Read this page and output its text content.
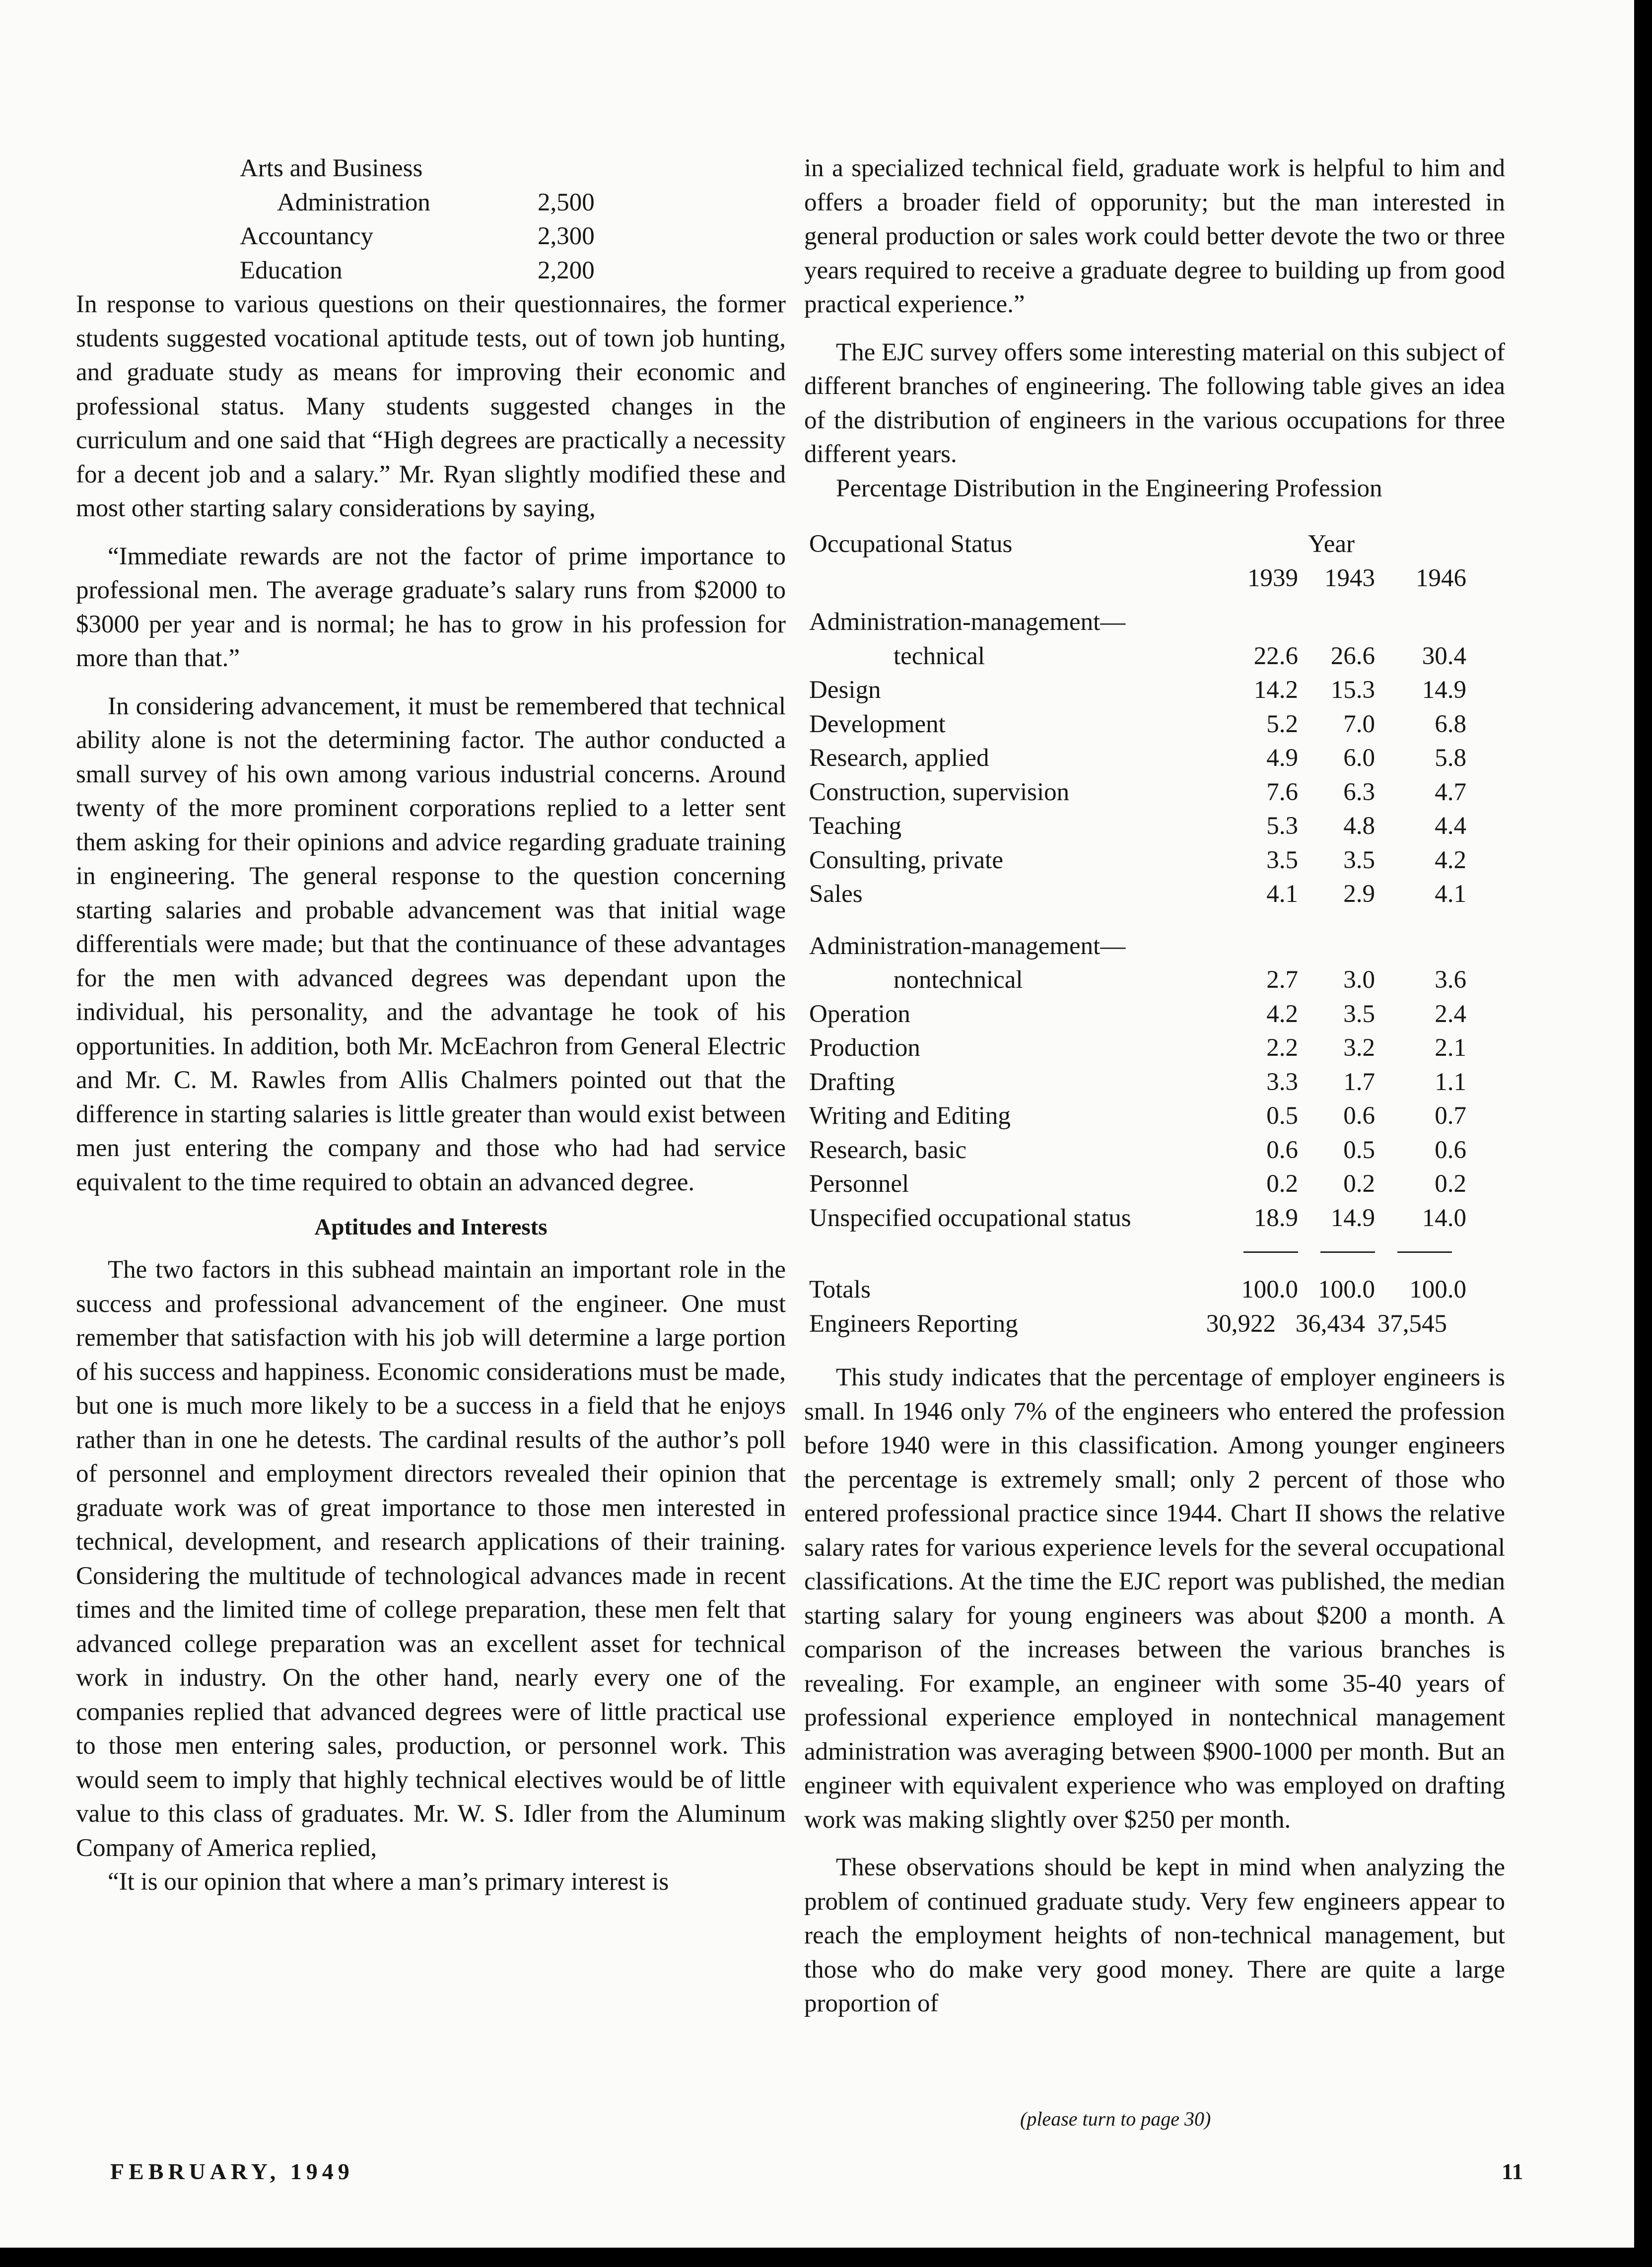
Arts and Business
Administration	2,500
Accountancy	2,300
Education	2,200

In response to various questions on their questionnaires, the former students suggested vocational aptitude tests, out of town job hunting, and graduate study as means for improving their economic and professional status. Many students suggested changes in the curriculum and one said that “High degrees are practically a necessity for a decent job and a salary.” Mr. Ryan slightly modified these and most other starting salary considerations by saying,

“Immediate rewards are not the factor of prime importance to professional men. The average graduate’s salary runs from $2000 to $3000 per year and is normal; he has to grow in his profession for more than that.”

In considering advancement, it must be remembered that technical ability alone is not the determining factor. The author conducted a small survey of his own among various industrial concerns. Around twenty of the more prominent corporations replied to a letter sent them asking for their opinions and advice regarding graduate training in engineering. The general response to the question concerning starting salaries and probable advancement was that initial wage differentials were made; but that the continuance of these advantages for the men with advanced degrees was dependant upon the individual, his personality, and the advantage he took of his opportunities. In addition, both Mr. McEachron from General Electric and Mr. C. M. Rawles from Allis Chalmers pointed out that the difference in starting salaries is little greater than would exist between men just entering the company and those who had had service equivalent to the time required to obtain an advanced degree.

Aptitudes and Interests

The two factors in this subhead maintain an important role in the success and professional advancement of the engineer. One must remember that satisfaction with his job will determine a large portion of his success and happiness. Economic considerations must be made, but one is much more likely to be a success in a field that he enjoys rather than in one he detests. The cardinal results of the author’s poll of personnel and employment directors revealed their opinion that graduate work was of great importance to those men interested in technical, development, and research applications of their training. Considering the multitude of technological advances made in recent times and the limited time of college preparation, these men felt that advanced college preparation was an excellent asset for technical work in industry. On the other hand, nearly every one of the companies replied that advanced degrees were of little practical use to those men entering sales, production, or personnel work. This would seem to imply that highly technical electives would be of little value to this class of graduates. Mr. W. S. Idler from the Aluminum Company of America replied,

“It is our opinion that where a man’s primary interest is

in a specialized technical field, graduate work is helpful to him and offers a broader field of opporunity; but the man interested in general production or sales work could better devote the two or three years required to receive a graduate degree to building up from good practical experience.”

The EJC survey offers some interesting material on this subject of different branches of engineering. The following table gives an idea of the distribution of engineers in the various occupations for three different years.

Percentage Distribution in the Engineering Profession

Occupational Status	Year
1939	1943	1946
Administration-management—
technical	22.6	26.6	30.4
Design	14.2	15.3	14.9
Development	5.2	7.0	6.8
Research, applied	4.9	6.0	5.8
Construction, supervision	7.6	6.3	4.7
Teaching	5.3	4.8	4.4
Consulting, private	3.5	3.5	4.2
Sales	4.1	2.9	4.1
Administration-management—
nontechnical	2.7	3.0	3.6
Operation	4.2	3.5	2.4
Production	2.2	3.2	2.1
Drafting	3.3	1.7	1.1
Writing and Editing	0.5	0.6	0.7
Research, basic	0.6	0.5	0.6
Personnel	0.2	0.2	0.2
Unspecified occupational status	18.9	14.9	14.0
Totals	100.0 100.0	100.0
Engineers Reporting	30,922 36,434 37,545

This study indicates that the percentage of employer engineers is small. In 1946 only 7% of the engineers who entered the profession before 1940 were in this classification. Among younger engineers the percentage is extremely small; only 2 percent of those who entered professional practice since 1944. Chart II shows the relative salary rates for various experience levels for the several occupational classifications. At the time the EJC report was published, the median starting salary for young engineers was about $200 a month. A comparison of the increases between the various branches is revealing. For example, an engineer with some 35-40 years of professional experience employed in nontechnical management administration was averaging between $900-1000 per month. But an engineer with equivalent experience who was employed on drafting work was making slightly over $250 per month.

These observations should be kept in mind when analyzing the problem of continued graduate study. Very few engineers appear to reach the employment heights of non-technical management, but those who do make very good money. There are quite a large proportion of

(please turn to page 30)
FEBRUARY, 1949	11
